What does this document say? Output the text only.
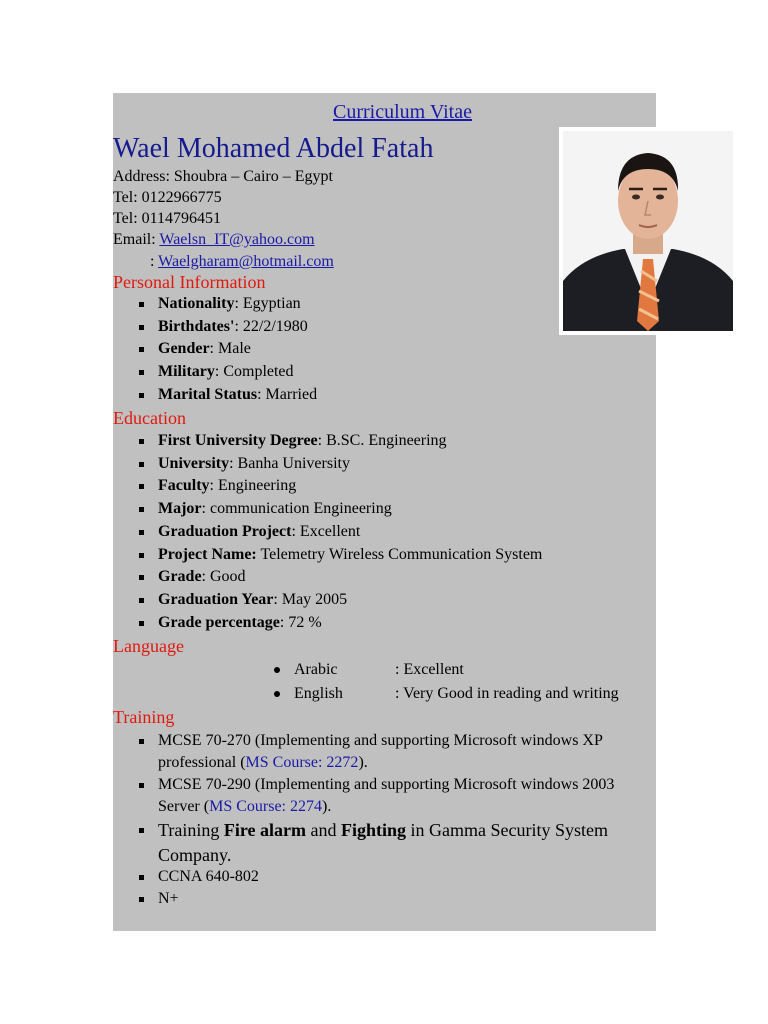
Curriculum Vitae
Wael Mohamed Abdel Fatah
Address: Shoubra – Cairo – Egypt
Tel: 0122966775
Tel: 0114796451
Email: Waelsn_IT@yahoo.com
: Waelgharam@hotmail.com
Personal Information
Nationality: Egyptian
Birthdates': 22/2/1980
Gender: Male
Military: Completed
Marital Status: Married
Education
First University Degree: B.SC. Engineering
University: Banha University
Faculty: Engineering
Major: communication Engineering
Graduation Project: Excellent
Project Name: Telemetry Wireless Communication System
Grade: Good
Graduation Year: May 2005
Grade percentage: 72 %
Language
Arabic	: Excellent
English	: Very Good in reading and writing
Training
MCSE 70-270 (Implementing and supporting Microsoft windows XP
professional (MS Course: 2272).
MCSE 70-290 (Implementing and supporting Microsoft windows 2003
Server (MS Course: 2274).
Training Fire alarm and Fighting in Gamma Security System
Company.
CCNA 640-802
N+
